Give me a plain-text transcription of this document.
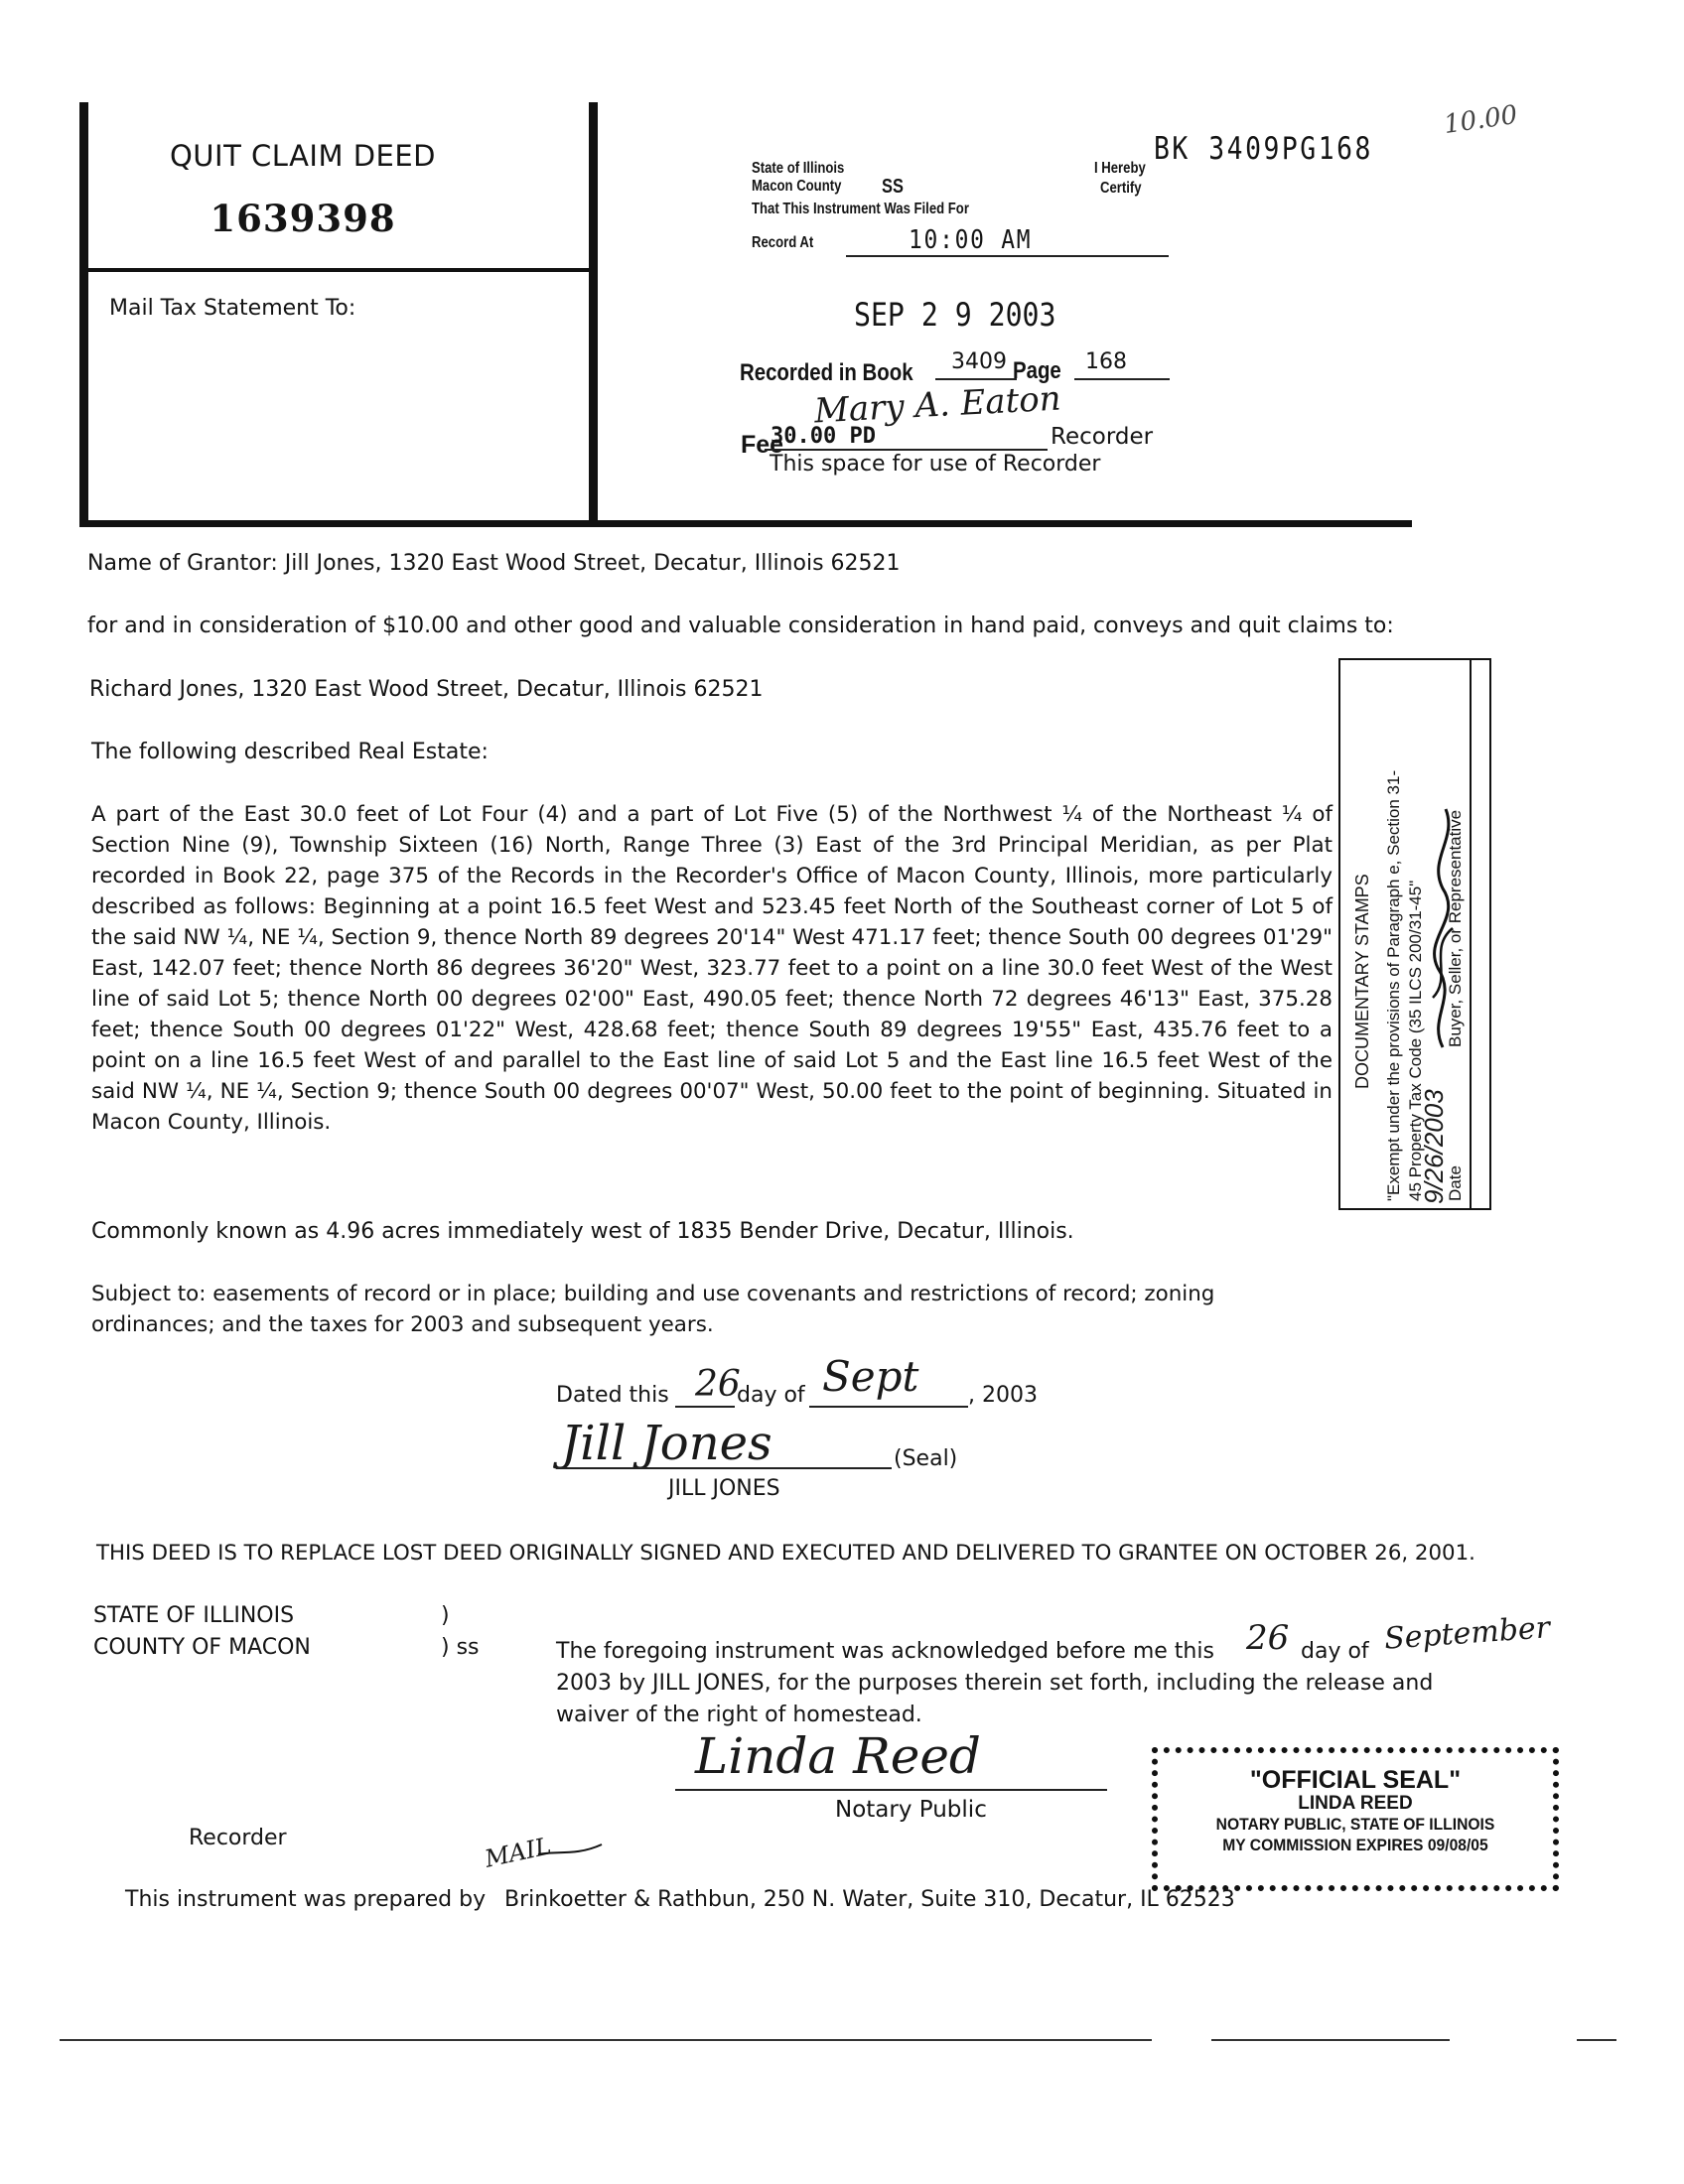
QUIT CLAIM DEED
1639398
Mail Tax Statement To:
BK 3409PG168
10.00
State of Illinois
Macon County SS
I Hereby
Certify
That This Instrument Was Filed For
Record At	10:00 AM
SEP 2 9 2003
Recorded in Book 3409 Page 168
Mary A. Eaton
Fee
30.00 PD	Recorder
This space for use of Recorder
Name of Grantor: Jill Jones, 1320 East Wood Street, Decatur, Illinois 62521
for and in consideration of $10.00 and other good and valuable consideration in hand paid, conveys and quit claims to:
Richard Jones, 1320 East Wood Street, Decatur, Illinois 62521
The following described Real Estate:
A part of the East 30.0 feet of Lot Four (4) and a part of Lot Five (5) of the Northwest ¼ of the Northeast ¼ of Section Nine (9), Township Sixteen (16) North, Range Three (3) East of the 3rd Principal Meridian, as per Plat recorded in Book 22, page 375 of the Records in the Recorder's Office of Macon County, Illinois, more particularly described as follows: Beginning at a point 16.5 feet West and 523.45 feet North of the Southeast corner of Lot 5 of the said NW ¼, NE ¼, Section 9, thence North 89 degrees 20'14" West 471.17 feet; thence South 00 degrees 01'29" East, 142.07 feet; thence North 86 degrees 36'20" West, 323.77 feet to a point on a line 30.0 feet West of the West line of said Lot 5; thence North 00 degrees 02'00" East, 490.05 feet; thence North 72 degrees 46'13" East, 375.28 feet; thence South 00 degrees 01'22" West, 428.68 feet; thence South 89 degrees 19'55" East, 435.76 feet to a point on a line 16.5 feet West of and parallel to the East line of said Lot 5 and the East line 16.5 feet West of the said NW ¼, NE ¼, Section 9; thence South 00 degrees 00'07" West, 50.00 feet to the point of beginning. Situated in Macon County, Illinois.
Commonly known as 4.96 acres immediately west of 1835 Bender Drive, Decatur, Illinois.
Subject to: easements of record or in place; building and use covenants and restrictions of record; zoning ordinances; and the taxes for 2003 and subsequent years.
DOCUMENTARY STAMPS "Exempt under the provisions of Paragraph e, Section 31- 45 Property Tax Code (35 ILCS 200/31-45" Date
Buyer, Seller, or Representative
9/26/2003
Dated this 26
day of Sept , 2003
Jill Jones	(Seal)
JILL JONES
THIS DEED IS TO REPLACE LOST DEED ORIGINALLY SIGNED AND EXECUTED AND DELIVERED TO GRANTEE ON OCTOBER 26, 2001.
STATE OF ILLINOIS
COUNTY OF MACON
)
) ss	The foregoing instrument was acknowledged before me this 26 day of September
2003 by JILL JONES, for the purposes therein set forth, including the release and
waiver of the right of homestead.
Linda Reed
Notary Public
Recorder
"OFFICIAL SEAL"
LINDA REED
NOTARY PUBLIC, STATE OF ILLINOIS
MY COMMISSION EXPIRES 09/08/05
MAIL
This instrument was prepared by Brinkoetter & Rathbun, 250 N. Water, Suite 310, Decatur, IL 62523
